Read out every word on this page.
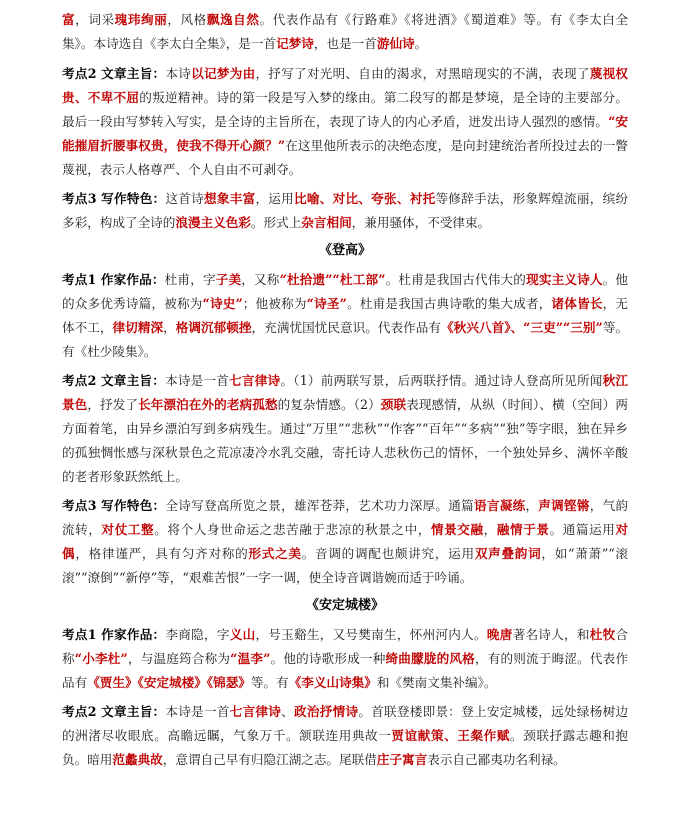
富，词采瑰玮绚丽，风格飘逸自然。代表作品有《行路难》《将进酒》《蜀道难》等。有《李太白全集》。本诗选自《李太白全集》，是一首记梦诗，也是一首游仙诗。

考点2 文章主旨：本诗以记梦为由，抒写了对光明、自由的渴求，对黑暗现实的不满，表现了蔑视权贵、不卑不屈的叛逆精神。诗的第一段是写入梦的缘由。第二段写的都是梦境，是全诗的主要部分。最后一段由写梦转入写实，是全诗的主旨所在，表现了诗人的内心矛盾，迸发出诗人强烈的感情。“安能摧眉折腰事权贵，使我不得开心颜？”在这里他所表示的决绝态度，是向封建统治者所投过去的一瞥蔑视，表示人格尊严、个人自由不可剥夺。
考点3 写作特色：这首诗想象丰富，运用比喻、对比、夸张、衬托等修辞手法，形象辉煌流丽，缤纷多彩，构成了全诗的浪漫主义色彩。形式上杂言相间，兼用骚体，不受律束。
《登高》
考点1 作家作品：杜甫，字子美，又称“杜拾遗”“杜工部”。杜甫是我国古代伟大的现实主义诗人。他的众多优秀诗篇，被称为“诗史”；他被称为“诗圣”。杜甫是我国古典诗歌的集大成者，诸体皆长，无体不工，律切精深，格调沉郁顿挫，充满忧国忧民意识。代表作品有《秋兴八首》、“三吏”“三别”等。有《杜少陵集》。
考点2 文章主旨：本诗是一首七言律诗。（1）前两联写景，后两联抒情。通过诗人登高所见所闻秋江景色，抒发了长年漂泊在外的老病孤愁的复杂情感。（2）颈联表现感情，从纵（时间）、横（空间）两方面着笔，由异乡漂泊写到多病残生。通过“万里”“悲秋”“作客”“百年”“多病”“独”等字眼，独在异乡的孤独惆怅感与深秋景色之荒凉凄冷水乳交融，寄托诗人悲秋伤己的情怀，一个独处异乡、满怀辛酸的老者形象跃然纸上。
考点3 写作特色：全诗写登高所览之景，雄浑苍莽，艺术功力深厚。通篇语言凝练，声调铿锵，气韵流转，对仗工整。将个人身世命运之悲苦融于悲凉的秋景之中，情景交融，融情于景。通篇运用对偶，格律谨严，具有匀齐对称的形式之美。音调的调配也颇讲究，运用双声叠韵词，如“萧萧”“滚滚”“潦倒”“新停”等，“艰难苦恨”一字一调，使全诗音调谐婉而适于吟诵。
《安定城楼》
考点1 作家作品：李商隐，字义山，号玉谿生，又号樊南生，怀州河内人。晚唐著名诗人，和杜牧合称“小李杜”，与温庭筠合称为“温李”。他的诗歌形成一种绮曲朦胧的风格，有的则流于晦涩。代表作品有《贾生》《安定城楼》《锦瑟》等。有《李义山诗集》和《樊南文集补编》。
考点2 文章主旨：本诗是一首七言律诗、政治抒情诗。首联登楼即景：登上安定城楼，远处绿杨树边的洲渚尽收眼底。高瞻远瞩，气象万千。颔联连用典故一贾谊献策、王粲作赋。颈联抒露志趣和抱负。暗用范蠡典故，意谓自己早有归隐江湖之志。尾联借庄子寓言表示自己鄙夷功名利禄。
